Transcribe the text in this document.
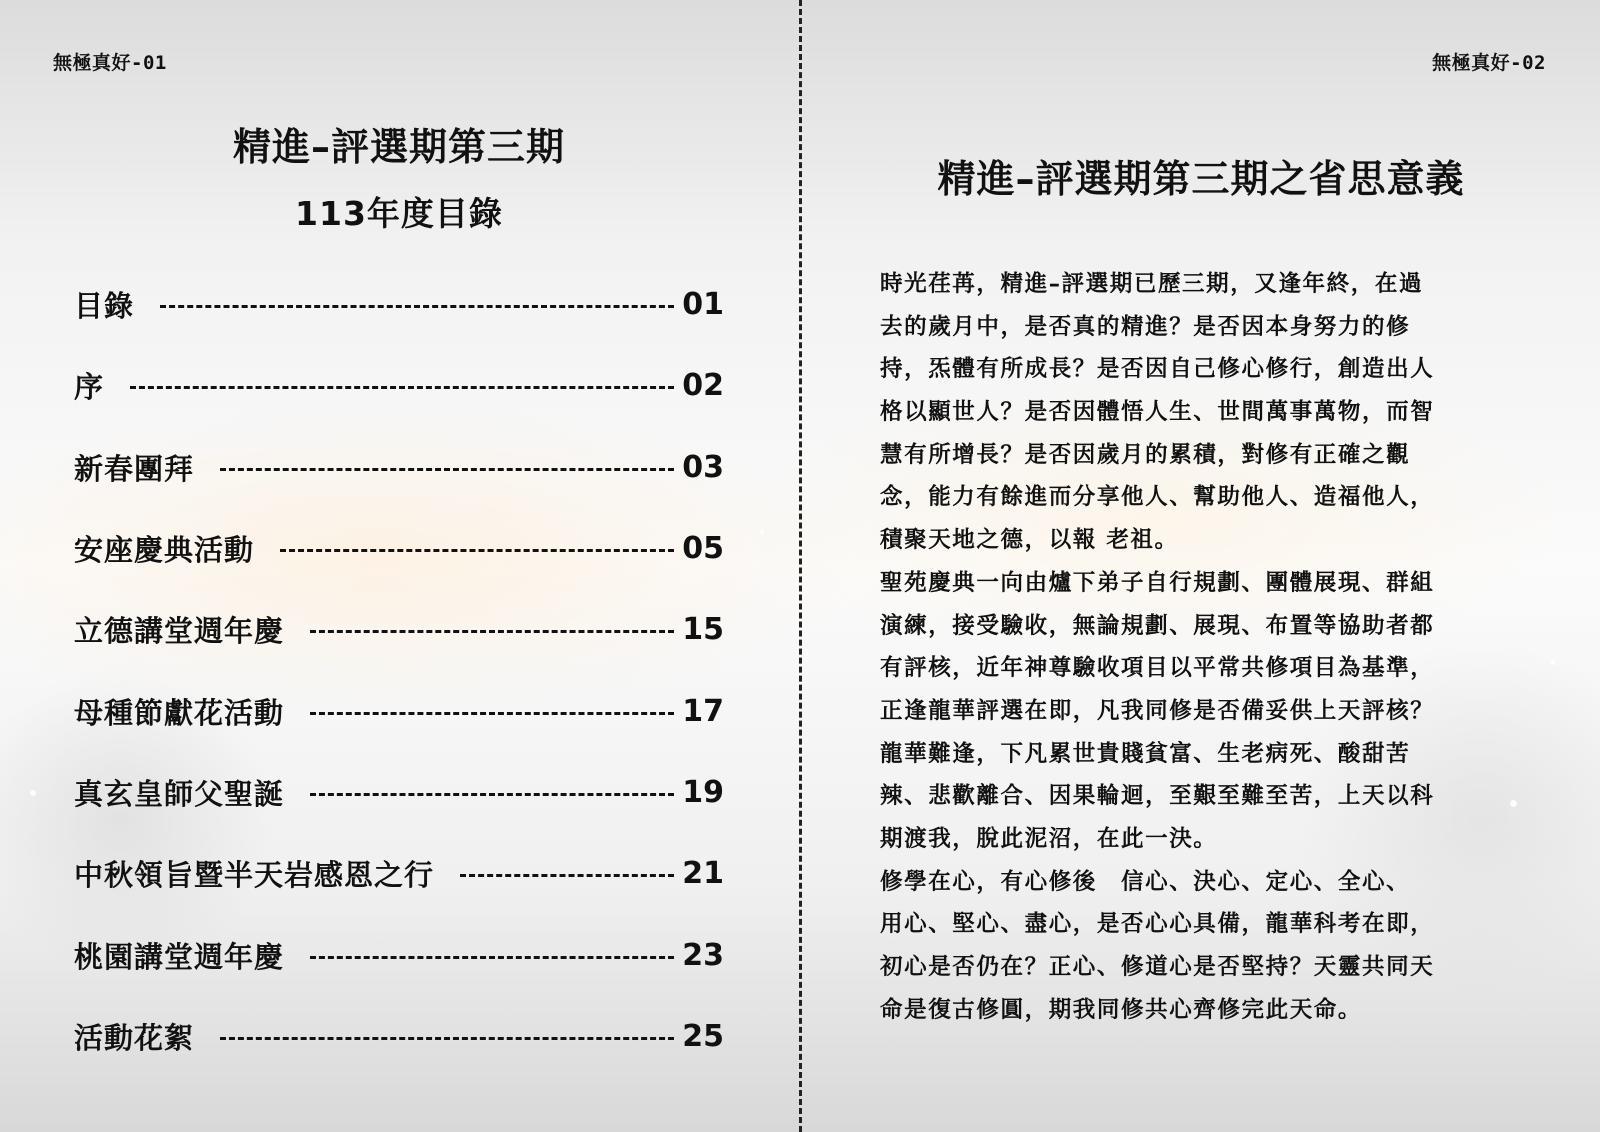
無極真好-01
精進–評選期第三期
113年度目錄
目錄	01
序	02
新春團拜	03
安座慶典活動	05
立德講堂週年慶	15
母種節獻花活動	17
真玄皇師父聖誕	19
中秋領旨暨半天岩感恩之行	21
桃園講堂週年慶	23
活動花絮	25
無極真好-02
精進–評選期第三期之省思意義
時光荏苒，精進–評選期已歷三期，又逢年終，在過
去的歲月中，是否真的精進？是否因本身努力的修
持，炁體有所成長？是否因自己修心修行，創造出人
格以顯世人？是否因體悟人生、世間萬事萬物，而智
慧有所增長？是否因歲月的累積，對修有正確之觀
念，能力有餘進而分享他人、幫助他人、造福他人，
積聚天地之德，以報 老祖。
聖苑慶典一向由爐下弟子自行規劃、團體展現、群組
演練，接受驗收，無論規劃、展現、布置等協助者都
有評核，近年神尊驗收項目以平常共修項目為基準，
正逢龍華評選在即，凡我同修是否備妥供上天評核？
龍華難逢，下凡累世貴賤貧富、生老病死、酸甜苦
辣、悲歡離合、因果輪迴，至艱至難至苦，上天以科
期渡我，脫此泥沼，在此一決。
修學在心，有心修後　信心、決心、定心、全心、
用心、堅心、盡心，是否心心具備，龍華科考在即，
初心是否仍在？正心、修道心是否堅持？天靈共同天
命是復古修圓，期我同修共心齊修完此天命。
